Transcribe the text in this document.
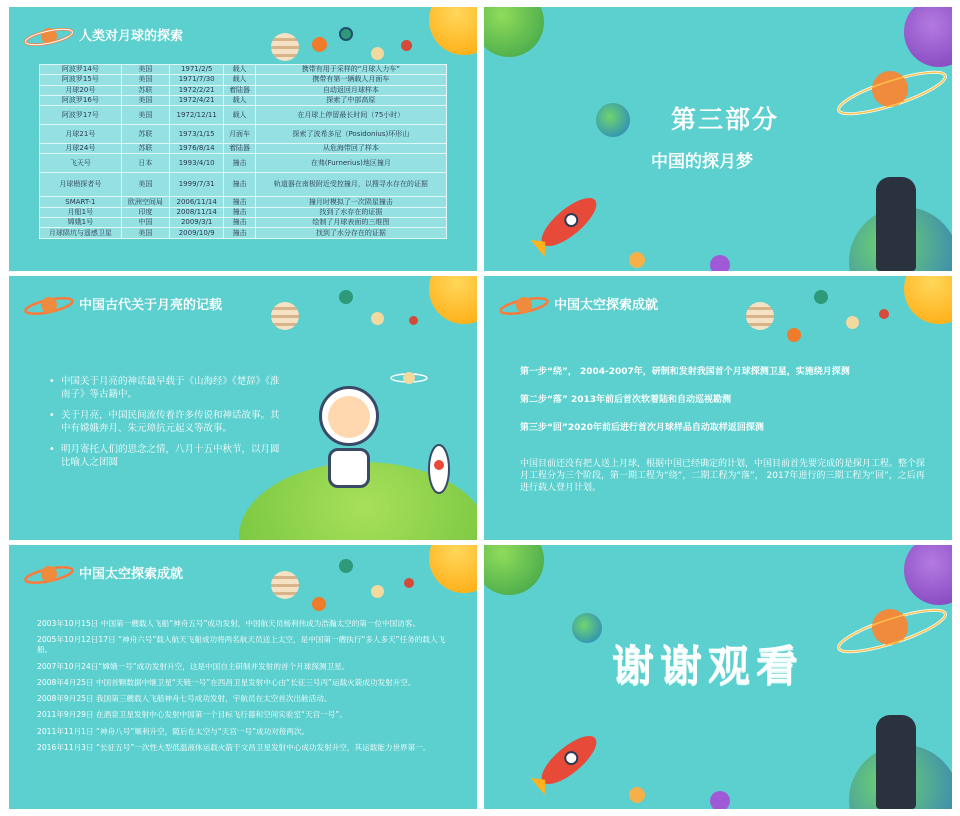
人类对月球的探索
阿波罗14号	美国	1971/2/5	载人	携带有用于采样的“月球人力车”
阿波罗15号	美国	1971/7/30	载人	携带有第一辆载人月面车
月球20号	苏联	1972/2/21	着陆器	自动返回月球样本
阿波罗16号	美国	1972/4/21	载人	探索了中部高原
阿波罗17号	美国	1972/12/11	载人	在月球上停留最长时间（75小时）
月球21号	苏联	1973/1/15	月面车	探索了波希多尼（Posidonius)环形山
月球24号	苏联	1976/8/14	着陆器	从危海带回了样本
飞天号	日本	1993/4/10	撞击	在弗(Furnerius)地区撞月
月球勘探者号	美国	1999/7/31	撞击	轨道器在南极附近受控撞月，以搜寻水存在的证据
SMART-1	欧洲空间局	2006/11/14	撞击	撞月时模拟了一次陨星撞击
月船1号	印度	2008/11/14	撞击	找到了水存在的证据
嫦娥1号	中国	2009/3/1	撞击	绘制了月球表面的三维图
月球陨坑与遥感卫星	美国	2009/10/9	撞击	找到了水分存在的证据
第三部分
中国的探月梦
中国古代关于月亮的记载
• 中国关于月亮的神话最早载于《山海经》《楚辞》《淮南子》等古籍中。
• 关于月亮，中国民间流传着许多传说和神话故事。其中有嫦娥奔月、朱元璋抗元起义等故事。
• 明月寄托人们的思念之情，八月十五中秋节，以月圆比喻人之团圆
中国太空探索成就
第一步“绕”， 2004-2007年，研制和发射我国首个月球探测卫星，实施绕月探测
第二步“落” 2013年前后首次软着陆和自动巡视勘测
第三步“回”2020年前后进行首次月球样品自动取样返回探测
中国目前还没有把人送上月球，根据中国已经确定的计划，中国目前首先要完成的是探月工程。整个探月工程分为三个阶段，第一期工程为“绕”，二期工程为“落”， 2017年进行的三期工程为“回”，之后再进行载人登月计划。
中国太空探索成就
2003年10月15日 中国第一艘载人飞船“神舟五号”成功发射，中国航天员杨利伟成为浩瀚太空的第一位中国访客。
2005年10月12日17日 “神舟六号”载人航天飞船成功将两名航天员送上太空，是中国第一艘执行“多人多天”任务的载人飞船。
2007年10月24日“嫦娥一号”成功发射升空，这是中国自主研制并发射的首个月球探测卫星。
2008年4月25日 中国首颗数据中继卫星“天链一号”在西昌卫星发射中心由“长征三号丙”运载火箭成功发射升空。
2008年9月25日 我国第三艘载人飞船神舟七号成功发射，宇航员在太空首次出舱活动。
2011年9月29日 在酒泉卫星发射中心发射中国第一个目标飞行器和空间实验室“天宫一号”。
2011年11月1日 “神舟八号”顺利升空，随后在太空与“天宫一号”成功对接两次。
2016年11月3日 “长征五号”一次性大型低温液体运载火箭于文昌卫星发射中心成功发射升空，其运载能力世界第一。
谢谢观看
